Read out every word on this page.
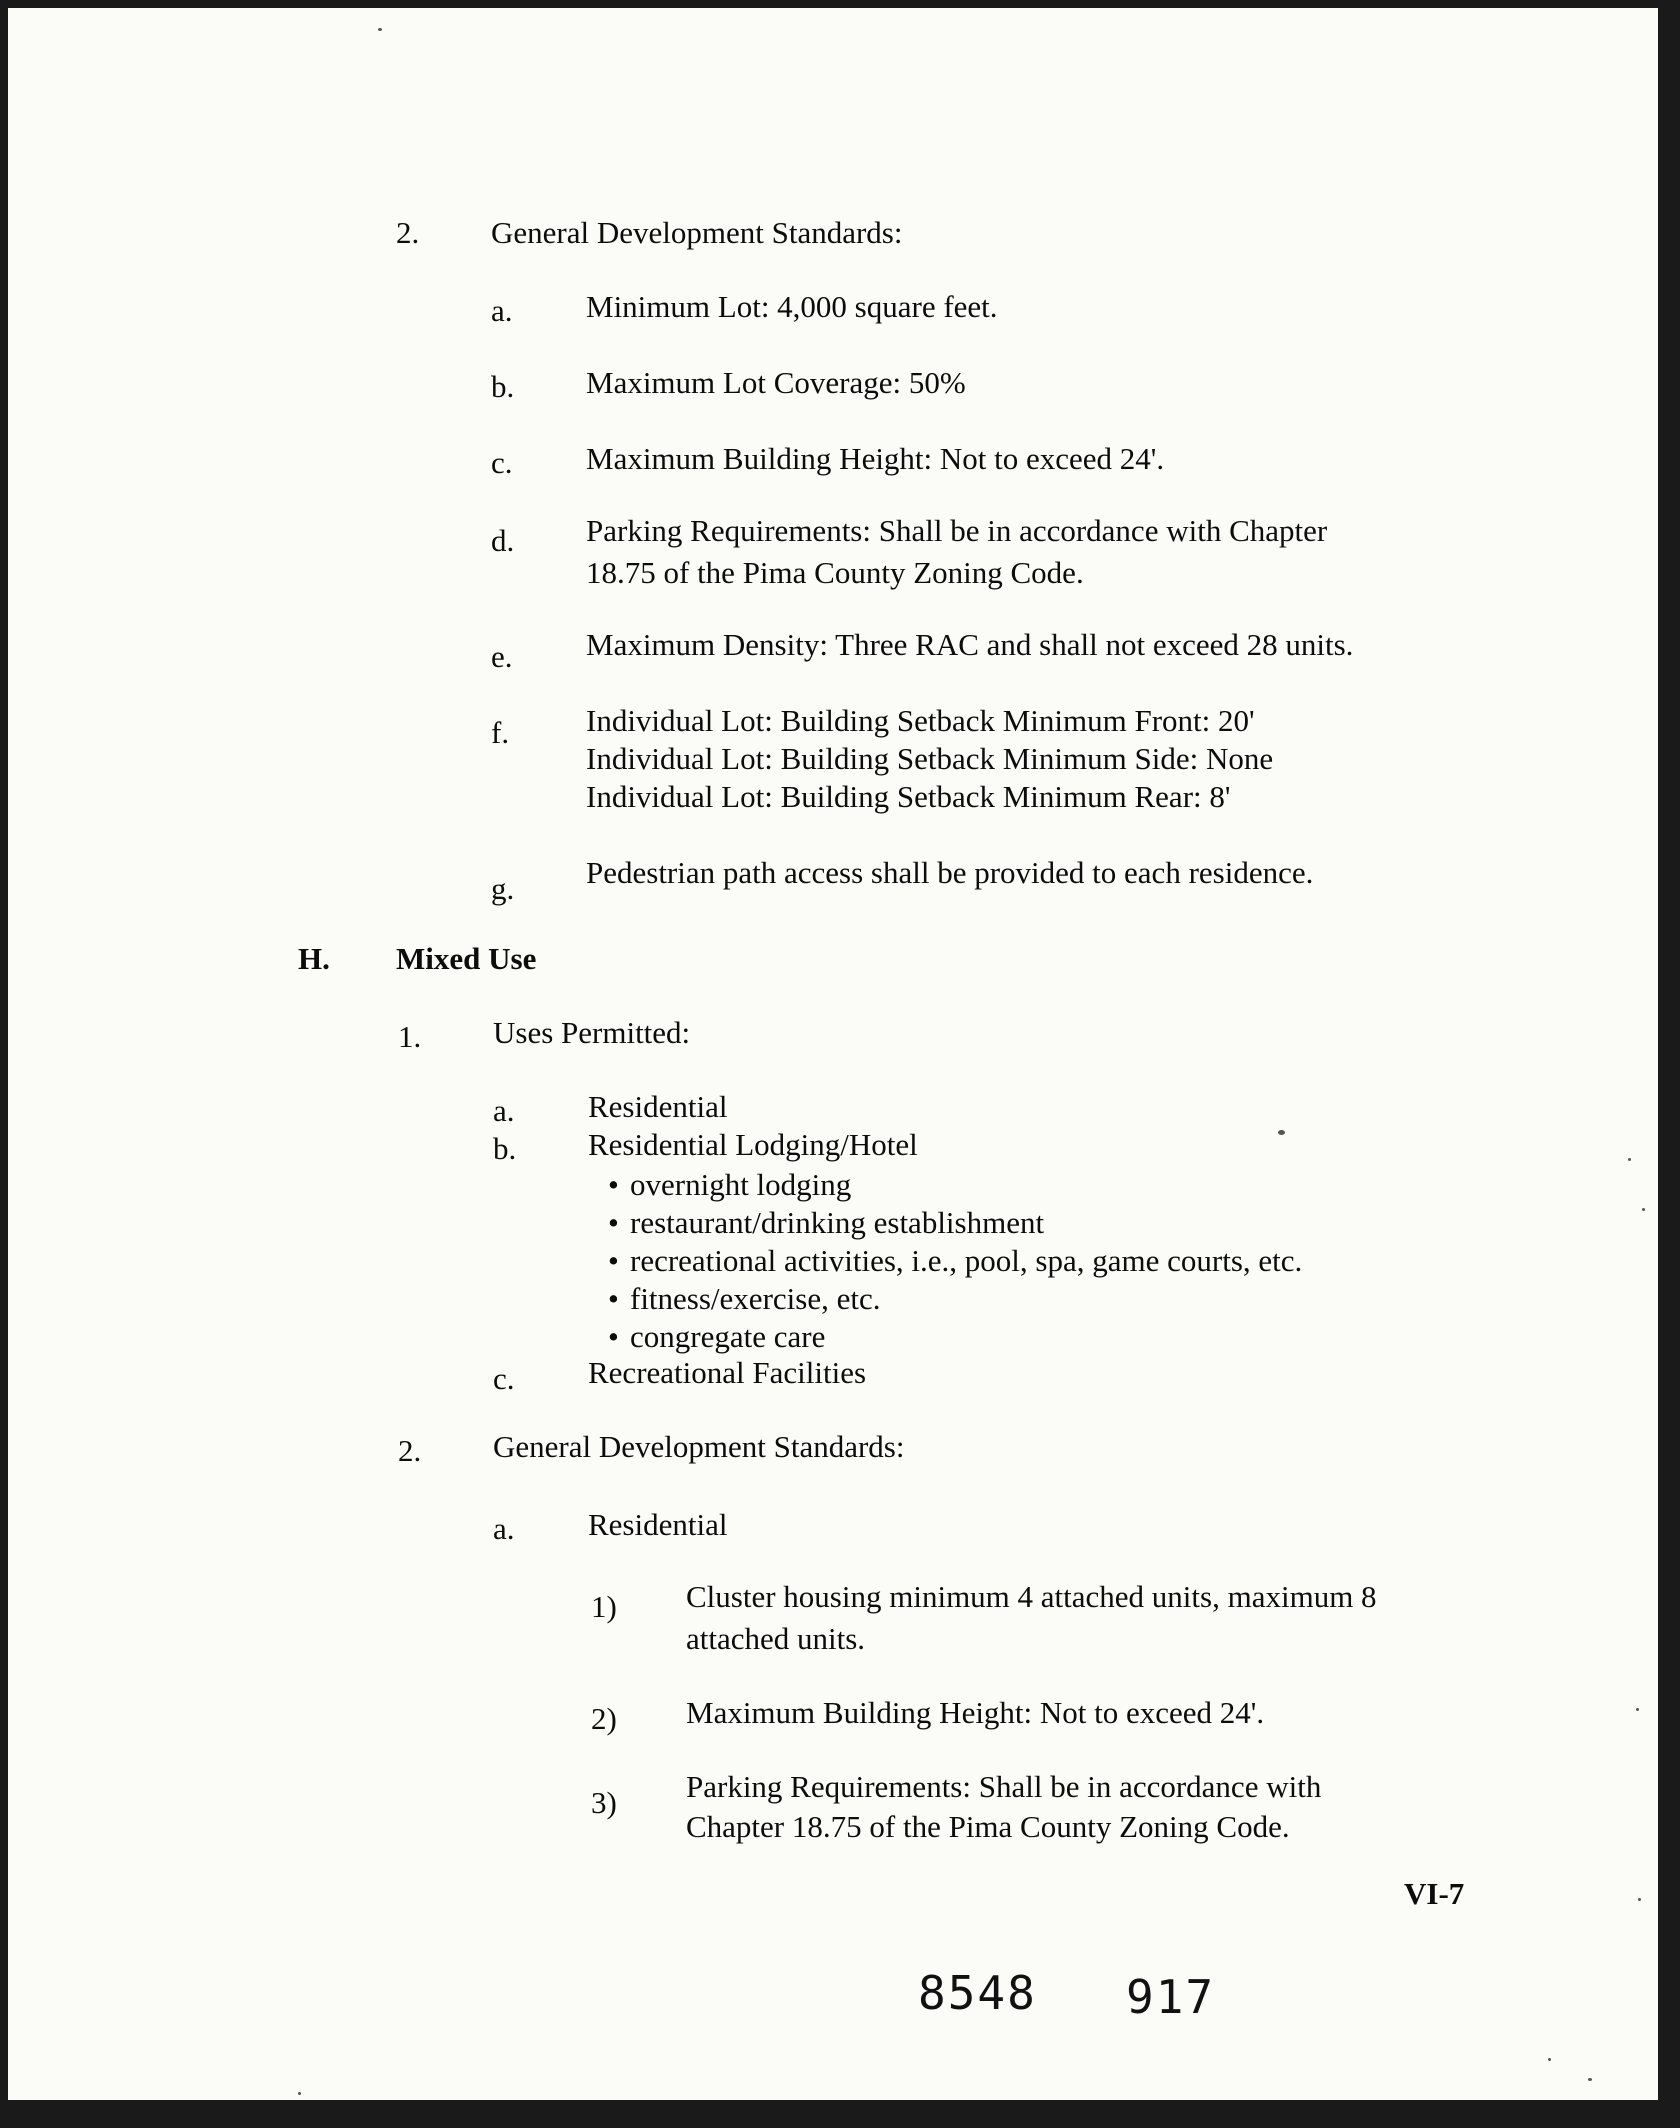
2. General Development Standards:
a. Minimum Lot: 4,000 square feet.
b. Maximum Lot Coverage: 50%
c. Maximum Building Height: Not to exceed 24'.
d. Parking Requirements: Shall be in accordance with Chapter
18.75 of the Pima County Zoning Code.
e. Maximum Density: Three RAC and shall not exceed 28 units.
f. Individual Lot: Building Setback Minimum Front: 20'
Individual Lot: Building Setback Minimum Side: None
Individual Lot: Building Setback Minimum Rear: 8'
g. Pedestrian path access shall be provided to each residence.
H. Mixed Use
1. Uses Permitted:
a. Residential
b. Residential Lodging/Hotel
• overnight lodging
• restaurant/drinking establishment
• recreational activities, i.e., pool, spa, game courts, etc.
• fitness/exercise, etc.
• congregate care
c. Recreational Facilities
2. General Development Standards:
a. Residential
1) Cluster housing minimum 4 attached units, maximum 8
attached units.
2) Maximum Building Height: Not to exceed 24'.
3) Parking Requirements: Shall be in accordance with
Chapter 18.75 of the Pima County Zoning Code.
VI-7
8548 917
